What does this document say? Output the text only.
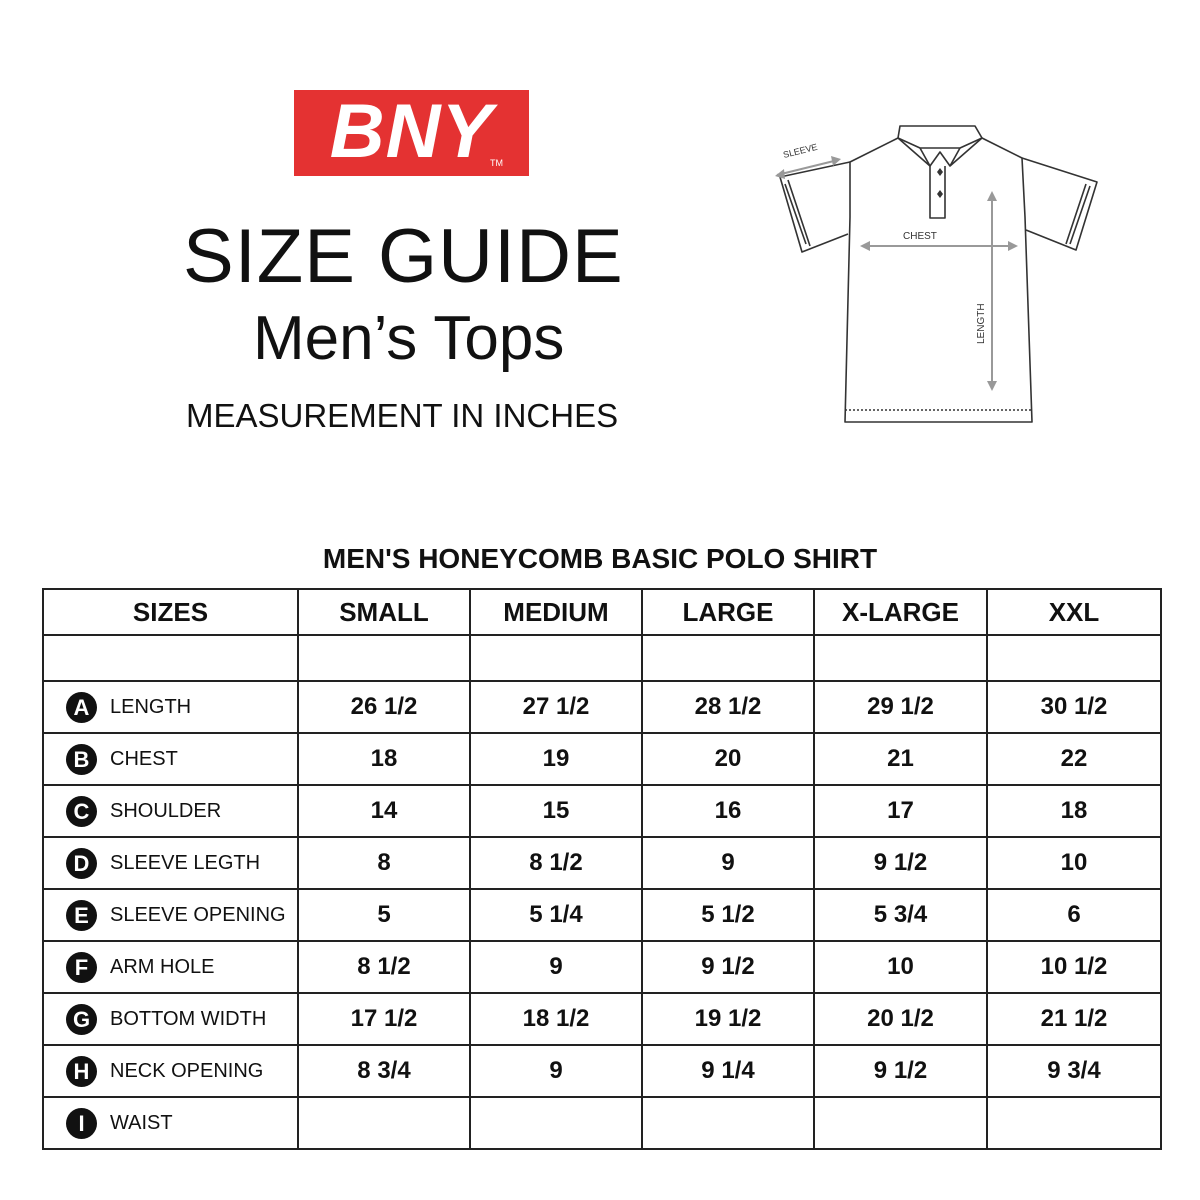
BNY
TM
SIZE GUIDE
Men’s Tops
MEASUREMENT IN INCHES
SLEEVE
CHEST
LENGTH
MEN'S HONEYCOMB BASIC POLO SHIRT
SIZES	SMALL	MEDIUM	LARGE	X-LARGE	XXL

A LENGTH	26 1/2	27 1/2	28 1/2	29 1/2	30 1/2

B CHEST	18	19	20	21	22

C SHOULDER	14	15	16	17	18

D SLEEVE LEGTH	8	8 1/2	9	9 1/2	10

E SLEEVE OPENING	5	5 1/4	5 1/2	5 3/4	6

F ARM HOLE	8 1/2	9	9 1/2	10	10 1/2

G BOTTOM WIDTH	17 1/2	18 1/2	19 1/2	20 1/2	21 1/2

H NECK OPENING	8 3/4	9	9 1/4	9 1/2	9 3/4

I WAIST					
